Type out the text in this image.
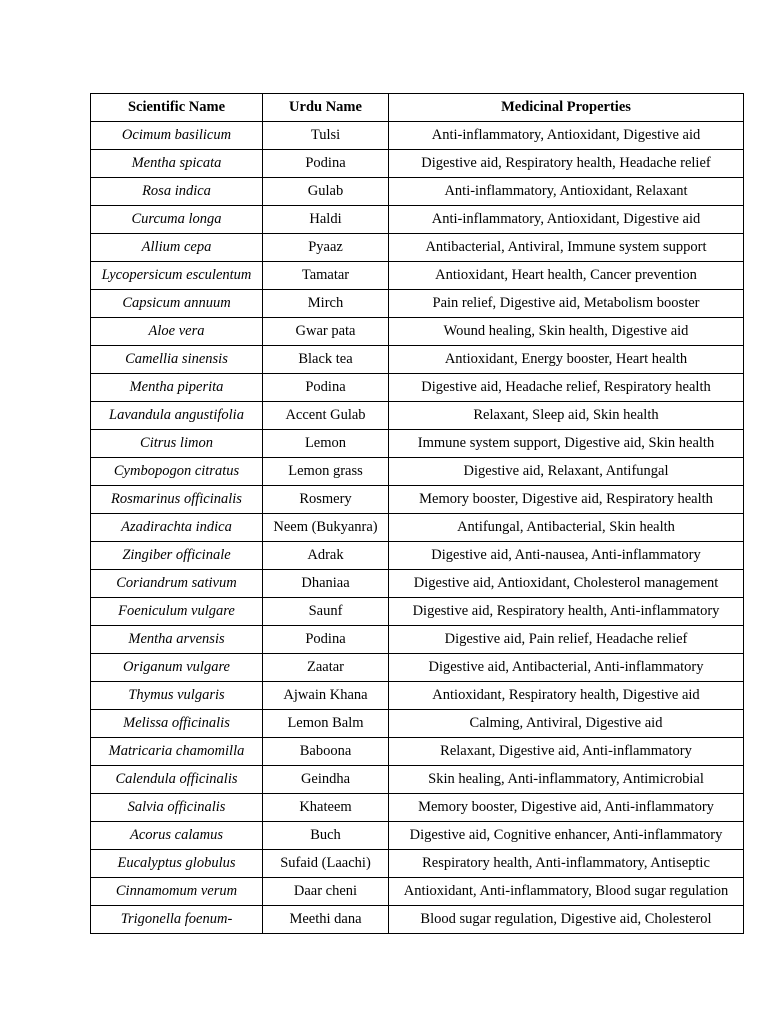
Scientific Name	Urdu Name	Medicinal Properties
Ocimum basilicum	Tulsi	Anti-inflammatory, Antioxidant, Digestive aid
Mentha spicata	Podina	Digestive aid, Respiratory health, Headache relief
Rosa indica	Gulab	Anti-inflammatory, Antioxidant, Relaxant
Curcuma longa	Haldi	Anti-inflammatory, Antioxidant, Digestive aid
Allium cepa	Pyaaz	Antibacterial, Antiviral, Immune system support
Lycopersicum esculentum	Tamatar	Antioxidant, Heart health, Cancer prevention
Capsicum annuum	Mirch	Pain relief, Digestive aid, Metabolism booster
Aloe vera	Gwar pata	Wound healing, Skin health, Digestive aid
Camellia sinensis	Black tea	Antioxidant, Energy booster, Heart health
Mentha piperita	Podina	Digestive aid, Headache relief, Respiratory health
Lavandula angustifolia	Accent Gulab	Relaxant, Sleep aid, Skin health
Citrus limon	Lemon	Immune system support, Digestive aid, Skin health
Cymbopogon citratus	Lemon grass	Digestive aid, Relaxant, Antifungal
Rosmarinus officinalis	Rosmery	Memory booster, Digestive aid, Respiratory health
Azadirachta indica	Neem (Bukyanra)	Antifungal, Antibacterial, Skin health
Zingiber officinale	Adrak	Digestive aid, Anti-nausea, Anti-inflammatory
Coriandrum sativum	Dhaniaa	Digestive aid, Antioxidant, Cholesterol management
Foeniculum vulgare	Saunf	Digestive aid, Respiratory health, Anti-inflammatory
Mentha arvensis	Podina	Digestive aid, Pain relief, Headache relief
Origanum vulgare	Zaatar	Digestive aid, Antibacterial, Anti-inflammatory
Thymus vulgaris	Ajwain Khana	Antioxidant, Respiratory health, Digestive aid
Melissa officinalis	Lemon Balm	Calming, Antiviral, Digestive aid
Matricaria chamomilla	Baboona	Relaxant, Digestive aid, Anti-inflammatory
Calendula officinalis	Geindha	Skin healing, Anti-inflammatory, Antimicrobial
Salvia officinalis	Khateem	Memory booster, Digestive aid, Anti-inflammatory
Acorus calamus	Buch	Digestive aid, Cognitive enhancer, Anti-inflammatory
Eucalyptus globulus	Sufaid (Laachi)	Respiratory health, Anti-inflammatory, Antiseptic
Cinnamomum verum	Daar cheni	Antioxidant, Anti-inflammatory, Blood sugar regulation
Trigonella foenum-	Meethi dana	Blood sugar regulation, Digestive aid, Cholesterol
